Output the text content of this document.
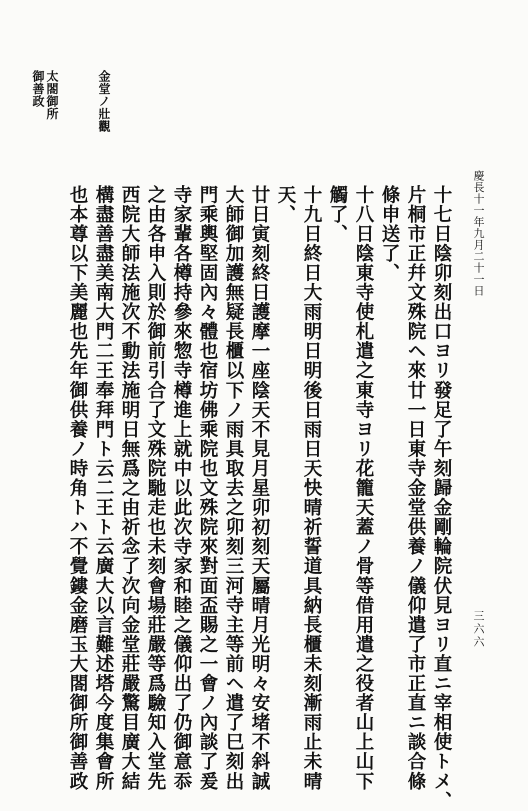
慶長十一年九月二十一日
三六六
十七日陰卯刻出口ヨリ發足了午刻歸金剛輪院伏見ヨリ直ニ宰相使トメ、
片桐市正幷文殊院ヘ來廿一日東寺金堂供養ノ儀仰遣了市正直ニ談合條
條申送了、
十八日陰東寺使札遣之東寺ヨリ花籠天蓋ノ骨等借用遣之役者山上山下
觸了、
十九日終日大雨明日明後日雨日天快晴祈誓道具納長櫃未刻漸雨止未晴
天、
廿日寅刻終日護摩一座陰天不見月星卯初刻天屬晴月光明々安堵不斜誠
大師御加護無疑長櫃以下ノ雨具取去之卯刻三河寺主等前ヘ遣了巳刻出
門乘輿堅固內々體也宿坊佛乘院也文殊院來對面盃賜之一會ノ內談了爰
寺家輩各樽持參來惣寺樽進上就中以此次寺家和睦之儀仰出了仍御意忝
之由各申入則於御前引合了文殊院馳走也未刻會場莊嚴等爲驗知入堂先
西院大師法施次不動法施明日無爲之由祈念了次向金堂莊嚴驚目廣大結
構盡善盡美南大門二王奉拜門ト云二王ト云廣大以言難述塔今度集會所
也本尊以下美麗也先年御供養ノ時角トハ不覺鏤金磨玉大閤御所御善政
金堂ノ壯觀
太閤御所
御善政
